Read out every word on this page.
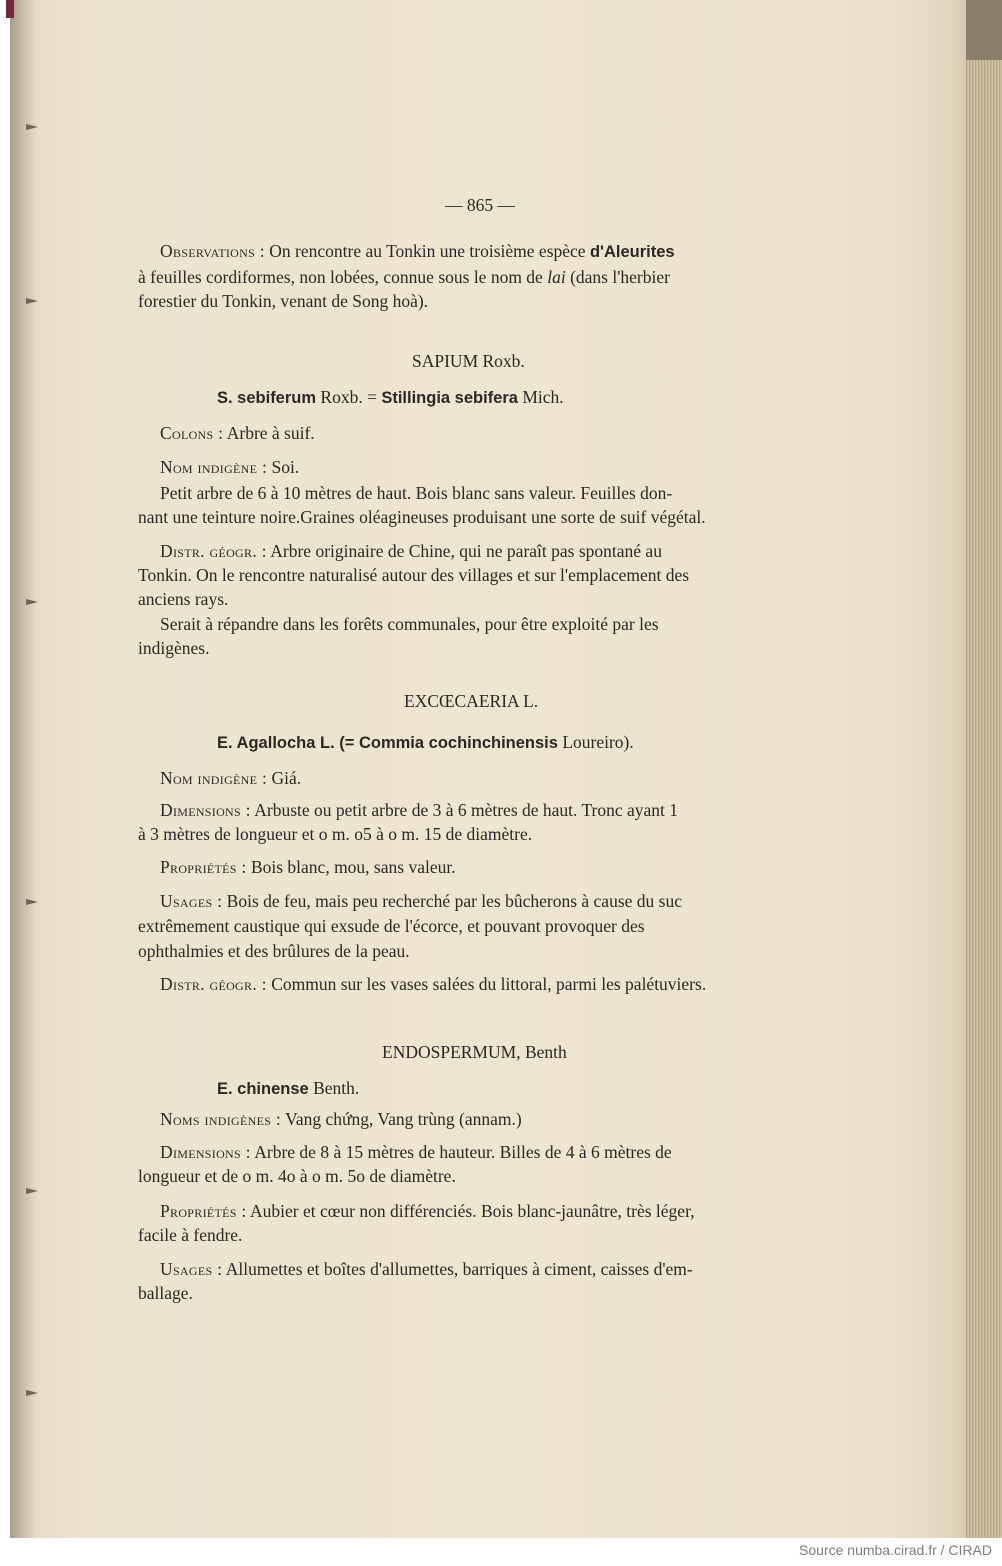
— 865 —
Observations : On rencontre au Tonkin une troisième espèce d'Aleurites
à feuilles cordiformes, non lobées, connue sous le nom de lai (dans l'herbier
forestier du Tonkin, venant de Song hoà).
SAPIUM Roxb.
S. sebiferum Roxb. = Stillingia sebifera Mich.
Colons : Arbre à suif.
Nom indigène : Soi.
Petit arbre de 6 à 10 mètres de haut. Bois blanc sans valeur. Feuilles don-
nant une teinture noire.Graines oléagineuses produisant une sorte de suif végétal.
Distr. géogr. : Arbre originaire de Chine, qui ne paraît pas spontané au
Tonkin. On le rencontre naturalisé autour des villages et sur l'emplacement des
anciens rays.
Serait à répandre dans les forêts communales, pour être exploité par les
indigènes.
EXCŒCAERIA L.
E. Agallocha L. (= Commia cochinchinensis Loureiro).
Nom indigène : Giá.
Dimensions : Arbuste ou petit arbre de 3 à 6 mètres de haut. Tronc ayant 1
à 3 mètres de longueur et o m. o5 à o m. 15 de diamètre.
Propriétés : Bois blanc, mou, sans valeur.
Usages : Bois de feu, mais peu recherché par les bûcherons à cause du suc
extrêmement caustique qui exsude de l'écorce, et pouvant provoquer des
ophthalmies et des brûlures de la peau.
Distr. géogr. : Commun sur les vases salées du littoral, parmi les palétuviers.
ENDOSPERMUM, Benth
E. chinense Benth.
Noms indigènes : Vang chứng, Vang trùng (annam.)
Dimensions : Arbre de 8 à 15 mètres de hauteur. Billes de 4 à 6 mètres de
longueur et de o m. 4o à o m. 5o de diamètre.
Propriétés : Aubier et cœur non différenciés. Bois blanc-jaunâtre, très léger,
facile à fendre.
Usages : Allumettes et boîtes d'allumettes, barriques à ciment, caisses d'em-
ballage.
Source numba.cirad.fr / CIRAD
